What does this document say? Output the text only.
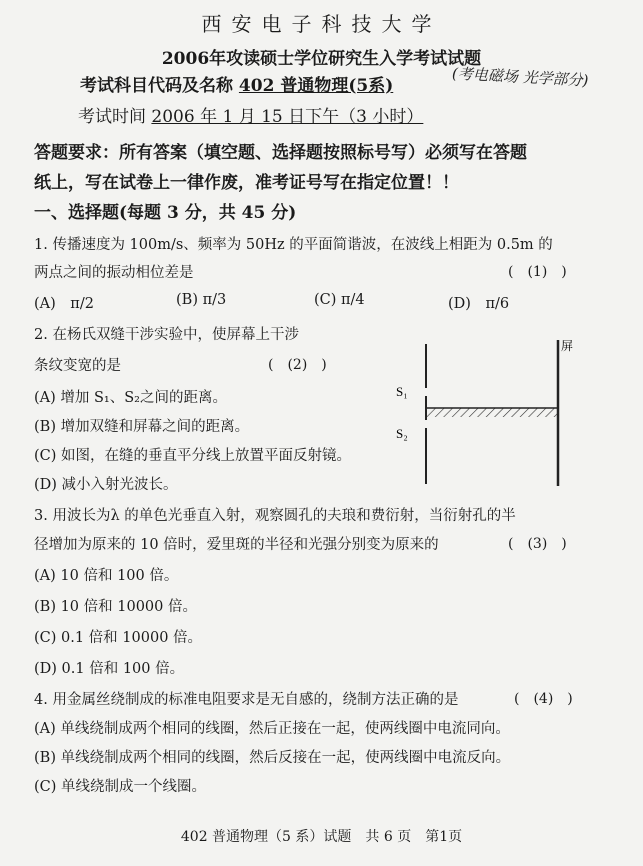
西安电子科技大学
2006年攻读硕士学位研究生入学考试试题
考试科目代码及名称 402 普通物理(5系)	(考电磁场 光学部分)
考试时间 2006 年 1 月 15 日下午（3 小时）
答题要求：所有答案（填空题、选择题按照标号写）必须写在答题
纸上，写在试卷上一律作废，准考证号写在指定位置！！
一、选择题(每题 3 分，共 45 分)
1. 传播速度为 100m/s、频率为 50Hz 的平面简谐波，在波线上相距为 0.5m 的
两点之间的振动相位差是	(　(1)　)
(A)　π/2	(B) π/3	(C) π/4	(D)　π/6
2. 在杨氏双缝干涉实验中，使屏幕上干涉
条纹变宽的是	(　(2)　)
(A) 增加 S₁、S₂之间的距离。
(B) 增加双缝和屏幕之间的距离。
(C) 如图，在缝的垂直平分线上放置平面反射镜。
(D) 减小入射光波长。
屏
S₁
S₂
3. 用波长为λ 的单色光垂直入射，观察圆孔的夫琅和费衍射，当衍射孔的半
径增加为原来的 10 倍时，爱里斑的半径和光强分别变为原来的	(　(3)　)
(A) 10 倍和 100 倍。
(B) 10 倍和 10000 倍。
(C) 0.1 倍和 10000 倍。
(D) 0.1 倍和 100 倍。
4. 用金属丝绕制成的标准电阻要求是无自感的，绕制方法正确的是	(　(4)　)
(A) 单线绕制成两个相同的线圈，然后正接在一起，使两线圈中电流同向。
(B) 单线绕制成两个相同的线圈，然后反接在一起，使两线圈中电流反向。
(C) 单线绕制成一个线圈。
402 普通物理（5 系）试题　共 6 页　第1页
